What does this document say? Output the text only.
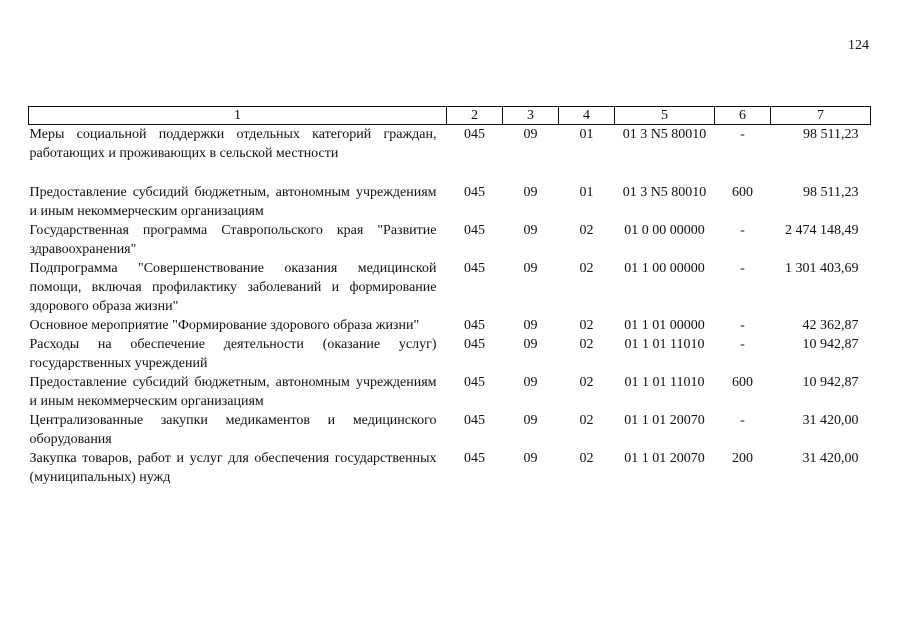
124
1	2	3	4	5	6	7
Меры социальной поддержки отдельных категорий граждан, работающих и проживающих в сельской местности	045	09	01	01 3 N5 80010	-	98 511,23
Предоставление субсидий бюджетным, автономным учреждениям и иным некоммерческим организациям	045	09	01	01 3 N5 80010	600	98 511,23
Государственная программа Ставропольского края "Развитие здравоохранения"	045	09	02	01 0 00 00000	-	2 474 148,49
Подпрограмма "Совершенствование оказания медицинской помощи, включая профилактику заболеваний и формирование здорового образа жизни"	045	09	02	01 1 00 00000	-	1 301 403,69
Основное мероприятие "Формирование здорового образа жизни"	045	09	02	01 1 01 00000	-	42 362,87
Расходы на обеспечение деятельности (оказание услуг) государственных учреждений	045	09	02	01 1 01 11010	-	10 942,87
Предоставление субсидий бюджетным, автономным учреждениям и иным некоммерческим организациям	045	09	02	01 1 01 11010	600	10 942,87
Централизованные закупки медикаментов и медицинского оборудования	045	09	02	01 1 01 20070	-	31 420,00
Закупка товаров, работ и услуг для обеспечения государственных (муниципальных) нужд	045	09	02	01 1 01 20070	200	31 420,00
